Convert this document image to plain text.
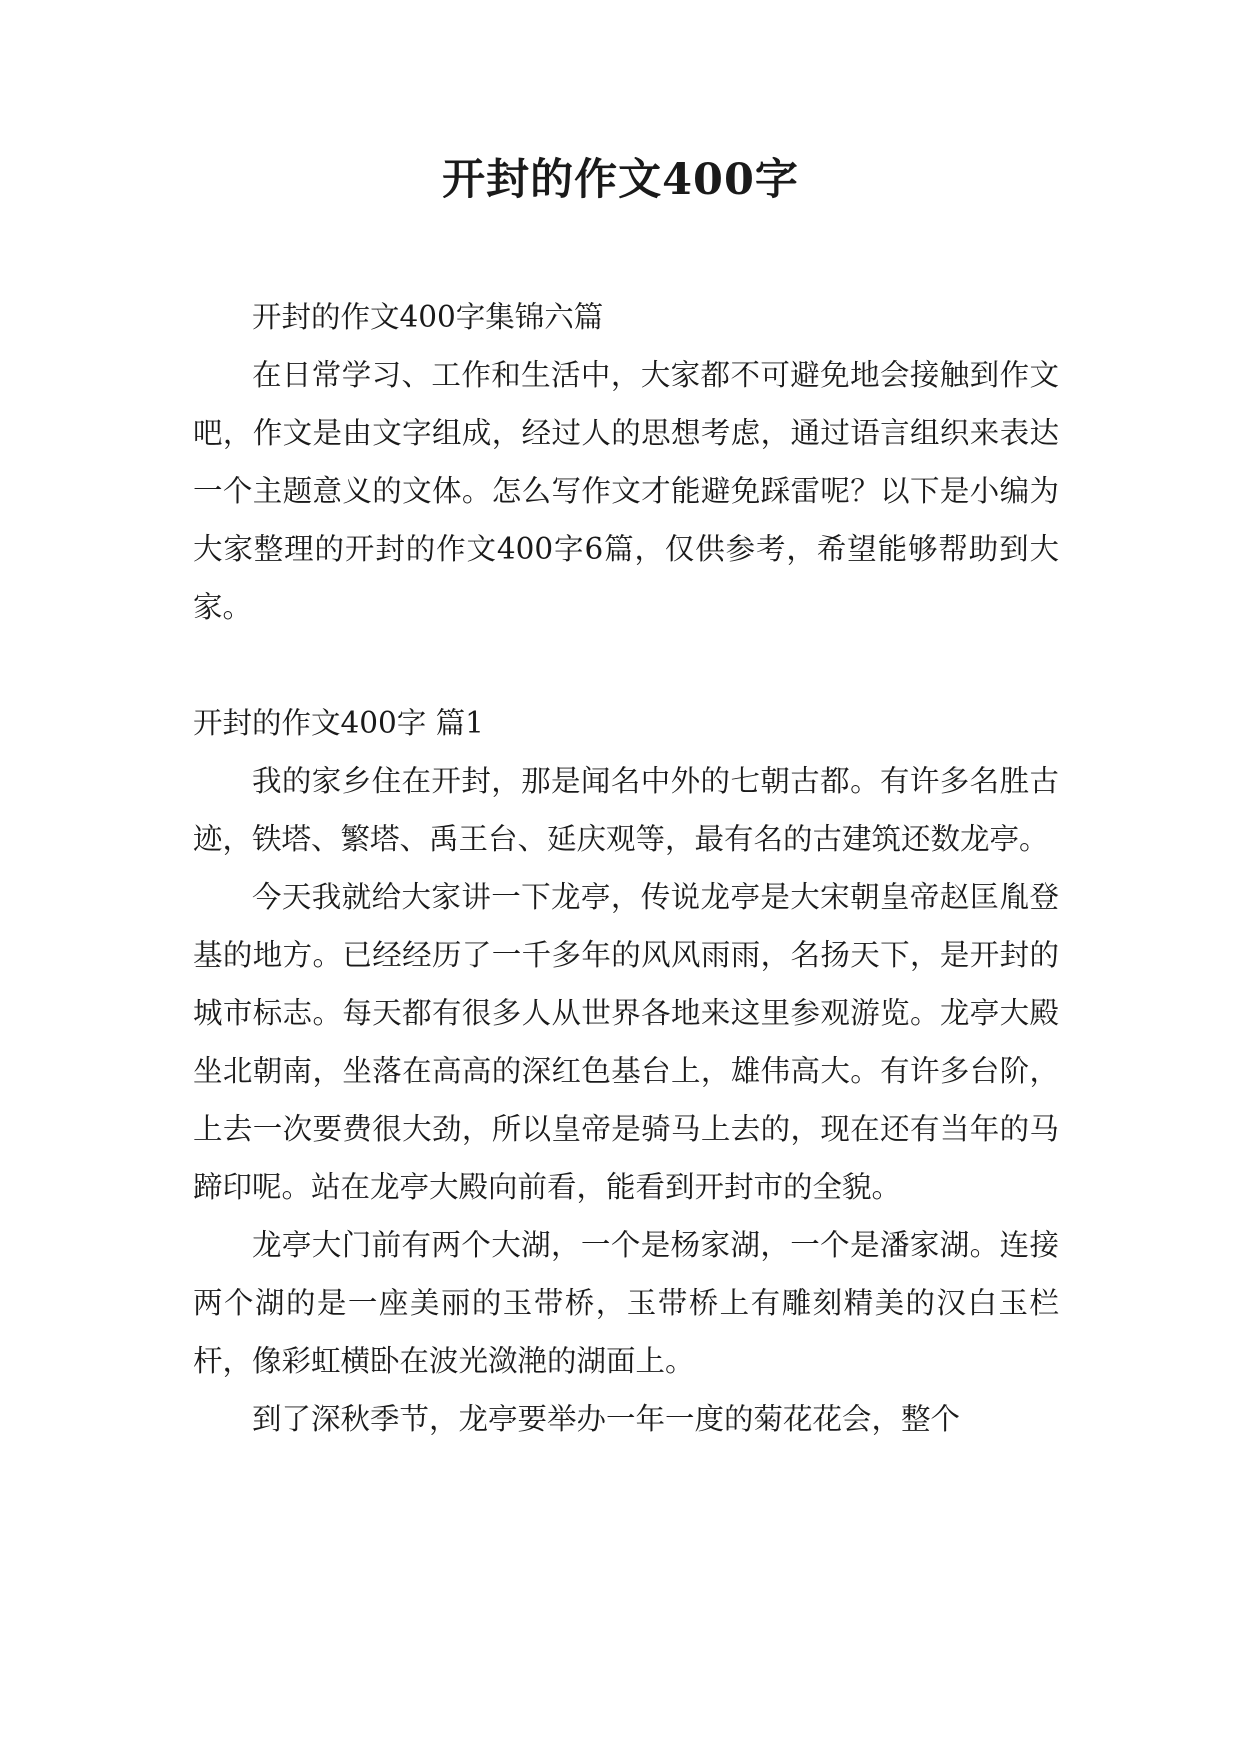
开封的作文400字

开封的作文400字集锦六篇

在日常学习、工作和生活中，大家都不可避免地会接触到作文吧，作文是由文字组成，经过人的思想考虑，通过语言组织来表达一个主题意义的文体。怎么写作文才能避免踩雷呢？以下是小编为大家整理的开封的作文400字6篇，仅供参考，希望能够帮助到大家。

开封的作文400字 篇1

我的家乡住在开封，那是闻名中外的七朝古都。有许多名胜古迹，铁塔、繁塔、禹王台、延庆观等，最有名的古建筑还数龙亭。

今天我就给大家讲一下龙亭，传说龙亭是大宋朝皇帝赵匡胤登基的地方。已经经历了一千多年的风风雨雨，名扬天下，是开封的城市标志。每天都有很多人从世界各地来这里参观游览。龙亭大殿坐北朝南，坐落在高高的深红色基台上，雄伟高大。有许多台阶，上去一次要费很大劲，所以皇帝是骑马上去的，现在还有当年的马蹄印呢。站在龙亭大殿向前看，能看到开封市的全貌。

龙亭大门前有两个大湖，一个是杨家湖，一个是潘家湖。连接两个湖的是一座美丽的玉带桥，玉带桥上有雕刻精美的汉白玉栏杆，像彩虹横卧在波光潋滟的湖面上。

到了深秋季节，龙亭要举办一年一度的菊花花会，整个
